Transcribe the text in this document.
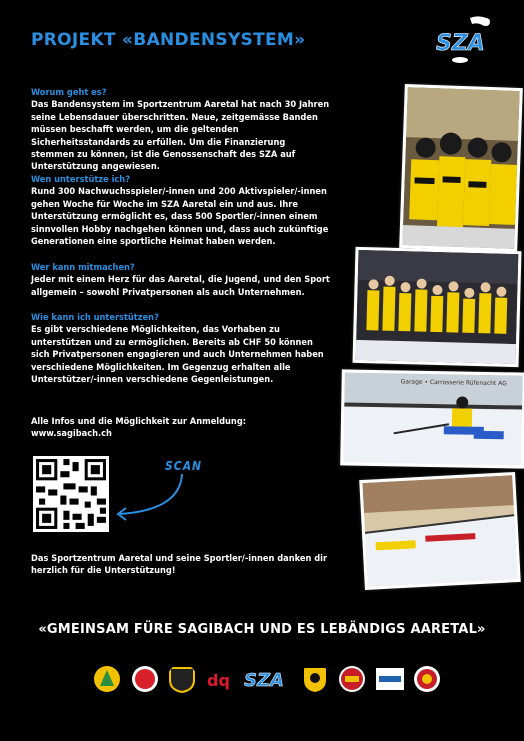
PROJEKT «BANDENSYSTEM»	SZA
Worum geht es?

Das Bandensystem im Sportzentrum Aaretal hat nach 30 Jahren seine Lebensdauer überschritten. Neue, zeitgemässe Banden müssen beschafft werden, um die geltenden Sicherheitsstandards zu erfüllen. Um die Finanzierung stemmen zu können, ist die Genossenschaft des SZA auf Unterstützung angewiesen.

Wen unterstütze ich?

Rund 300 Nachwuchsspieler/-innen und 200 Aktivspieler/-innen gehen Woche für Woche im SZA Aaretal ein und aus. Ihre Unterstützung ermöglicht es, dass 500 Sportler/-innen einem sinnvollen Hobby nachgehen können und, dass auch zukünftige Generationen eine sportliche Heimat haben werden.

Wer kann mitmachen?

Jeder mit einem Herz für das Aaretal, die Jugend, und den Sport allgemein – sowohl Privatpersonen als auch Unternehmen.

Wie kann ich unterstützen?

Es gibt verschiedene Möglichkeiten, das Vorhaben zu unterstützen und zu ermöglichen. Bereits ab CHF 50 können sich Privatpersonen engagieren und auch Unternehmen haben verschiedene Möglichkeiten. Im Gegenzug erhalten alle Unterstützer/-innen verschiedene Gegenleistungen.

Alle Infos und die Möglichkeit zur Anmeldung:

www.sagibach.ch

SCAN
Das Sportzentrum Aaretal und seine Sportler/-innen danken dir herzlich für die Unterstützung!
Garage • Carrosserie Rüfenacht AG
«GMEINSAM FÜRE SAGIBACH UND ES LEBÄNDIGS AARETAL»
dq SZA
